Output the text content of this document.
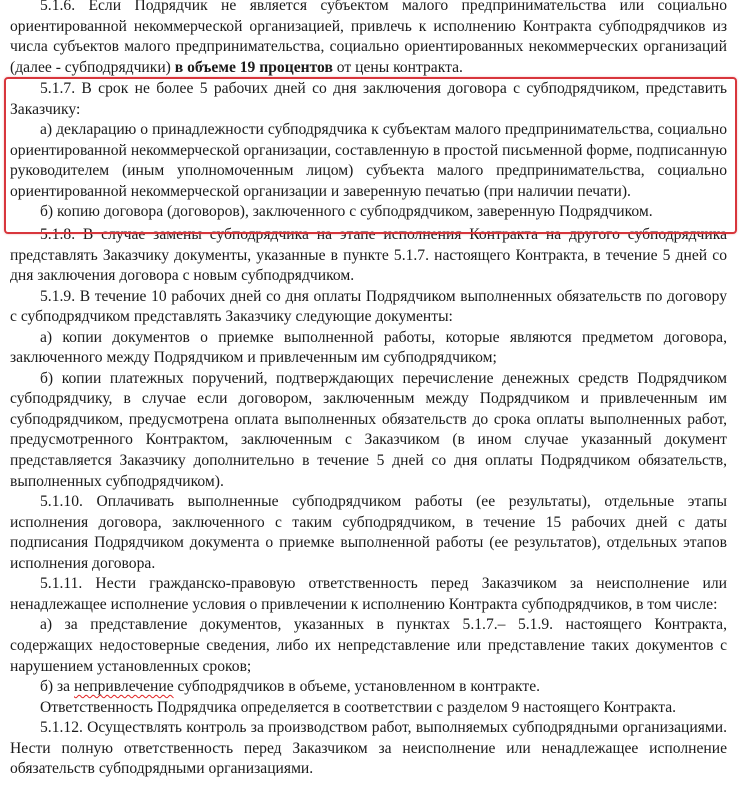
5.1.6. Если Подрядчик не является субъектом малого предпринимательства или социально ориентированной некоммерческой организацией, привлечь к исполнению Контракта субподрядчиков из числа субъектов малого предпринимательства, социально ориентированных некоммерческих организаций (далее - субподрядчики) в объеме 19 процентов от цены контракта.

5.1.7. В срок не более 5 рабочих дней со дня заключения договора с субподрядчиком, представить Заказчику:

а) декларацию о принадлежности субподрядчика к субъектам малого предпринимательства, социально ориентированной некоммерческой организации, составленную в простой письменной форме, подписанную руководителем (иным уполномоченным лицом) субъекта малого предпринимательства, социально ориентированной некоммерческой организации и заверенную печатью (при наличии печати).

б) копию договора (договоров), заключенного с субподрядчиком, заверенную Подрядчиком.

5.1.8. В случае замены субподрядчика на этапе исполнения Контракта на другого субподрядчика представлять Заказчику документы, указанные в пункте 5.1.7. настоящего Контракта, в течение 5 дней со дня заключения договора с новым субподрядчиком.

5.1.9. В течение 10 рабочих дней со дня оплаты Подрядчиком выполненных обязательств по договору с субподрядчиком представлять Заказчику следующие документы:

а) копии документов о приемке выполненной работы, которые являются предметом договора, заключенного между Подрядчиком и привлеченным им субподрядчиком;

б) копии платежных поручений, подтверждающих перечисление денежных средств Подрядчиком субподрядчику, в случае если договором, заключенным между Подрядчиком и привлеченным им субподрядчиком, предусмотрена оплата выполненных обязательств до срока оплаты выполненных работ, предусмотренного Контрактом, заключенным с Заказчиком (в ином случае указанный документ представляется Заказчику дополнительно в течение 5 дней со дня оплаты Подрядчиком обязательств, выполненных субподрядчиком).

5.1.10. Оплачивать выполненные субподрядчиком работы (ее результаты), отдельные этапы исполнения договора, заключенного с таким субподрядчиком, в течение 15 рабочих дней с даты подписания Подрядчиком документа о приемке выполненной работы (ее результатов), отдельных этапов исполнения договора.

5.1.11. Нести гражданско-правовую ответственность перед Заказчиком за неисполнение или ненадлежащее исполнение условия о привлечении к исполнению Контракта субподрядчиков, в том числе:

а) за представление документов, указанных в пунктах 5.1.7.– 5.1.9. настоящего Контракта, содержащих недостоверные сведения, либо их непредставление или представление таких документов с нарушением установленных сроков;

б) за непривлечение субподрядчиков в объеме, установленном в контракте.

Ответственность Подрядчика определяется в соответствии с разделом 9 настоящего Контракта.

5.1.12. Осуществлять контроль за производством работ, выполняемых субподрядными организациями. Нести полную ответственность перед Заказчиком за неисполнение или ненадлежащее исполнение обязательств субподрядными организациями.
